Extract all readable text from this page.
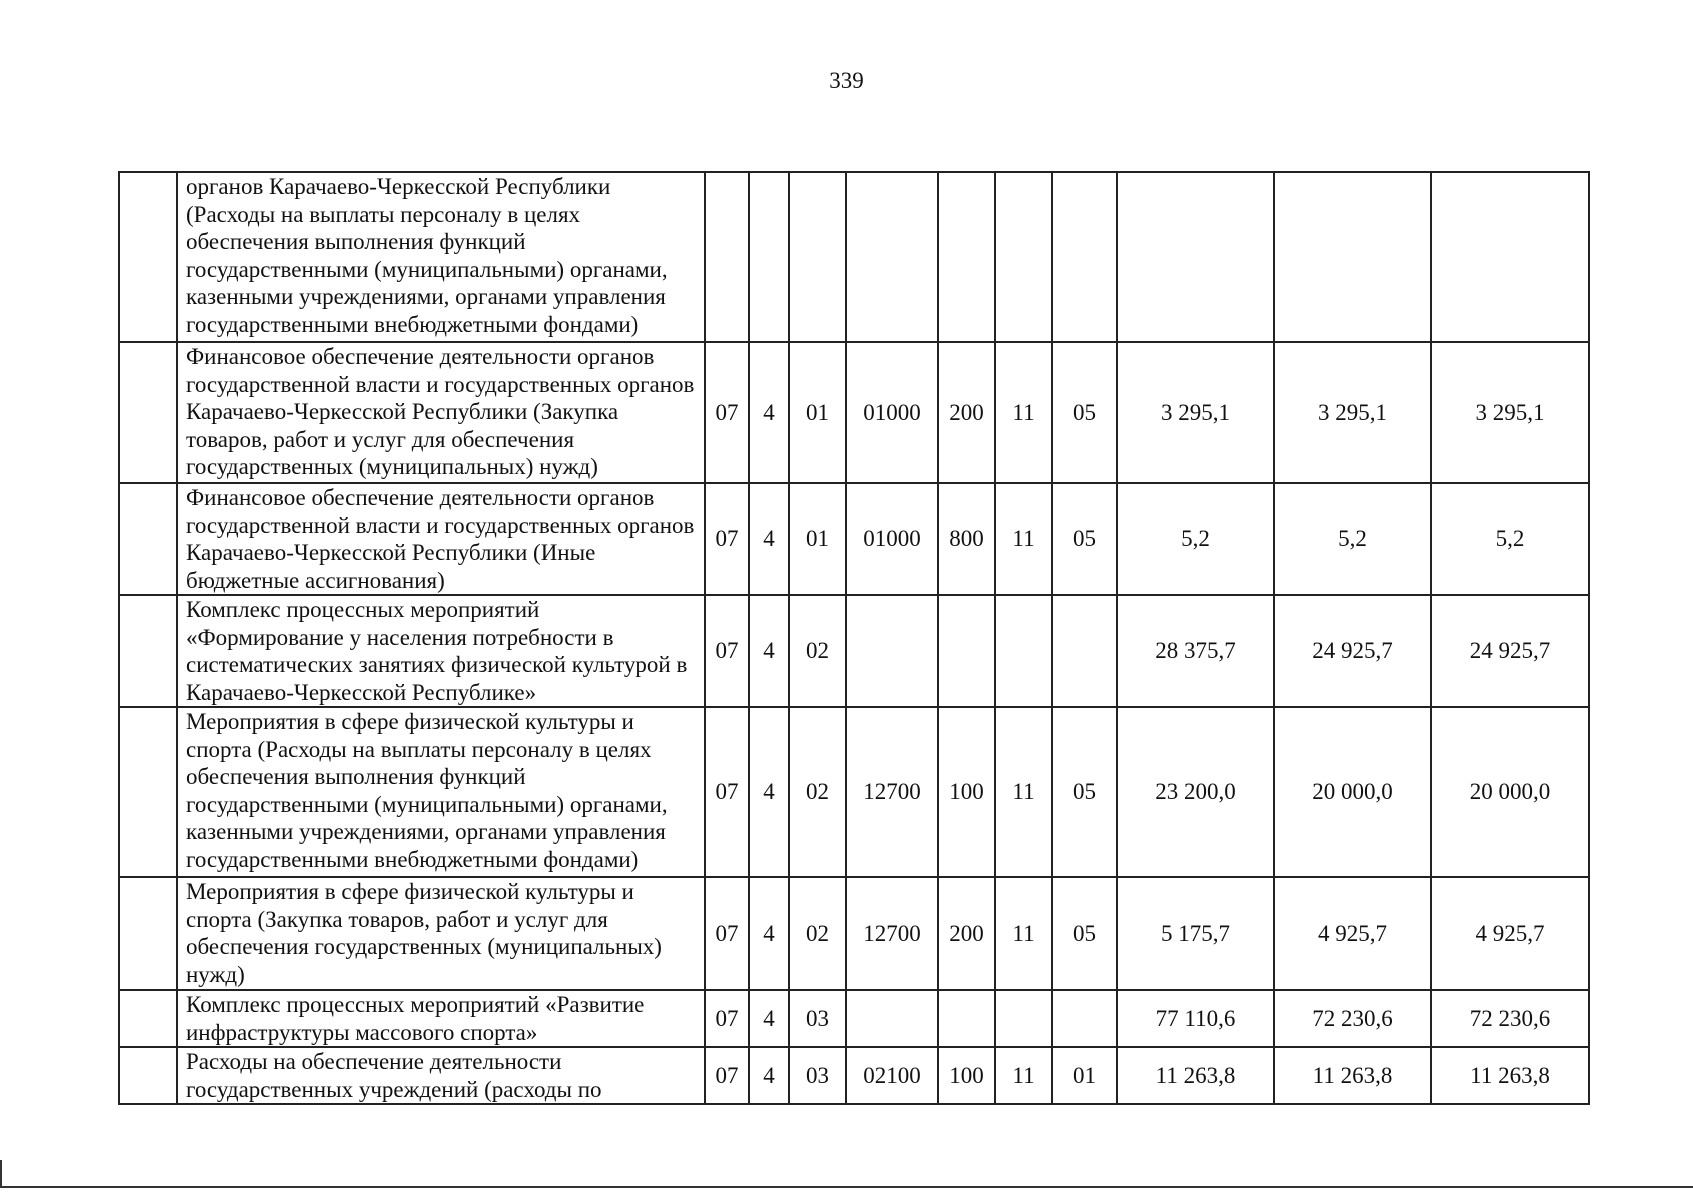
339
	органов Карачаево-Черкесской Республики (Расходы на выплаты персоналу в целях обеспечения выполнения функций государственными (муниципальными) органами, казенными учреждениями, органами управления государственными внебюджетными фондами)										
	Финансовое обеспечение деятельности органов государственной власти и государственных органов Карачаево-Черкесской Республики (Закупка товаров, работ и услуг для обеспечения государственных (муниципальных) нужд)	07	4	01	01000	200	11	05	3 295,1	3 295,1	3 295,1
	Финансовое обеспечение деятельности органов государственной власти и государственных органов Карачаево-Черкесской Республики (Иные бюджетные ассигнования)	07	4	01	01000	800	11	05	5,2	5,2	5,2
	Комплекс процессных мероприятий «Формирование у населения потребности в систематических занятиях физической культурой в Карачаево-Черкесской Республике»	07	4	02					28 375,7	24 925,7	24 925,7
	Мероприятия в сфере физической культуры и спорта (Расходы на выплаты персоналу в целях обеспечения выполнения функций государственными (муниципальными) органами, казенными учреждениями, органами управления государственными внебюджетными фондами)	07	4	02	12700	100	11	05	23 200,0	20 000,0	20 000,0
	Мероприятия в сфере физической культуры и спорта (Закупка товаров, работ и услуг для обеспечения государственных (муниципальных) нужд)	07	4	02	12700	200	11	05	5 175,7	4 925,7	4 925,7
	Комплекс процессных мероприятий «Развитие инфраструктуры массового спорта»	07	4	03					77 110,6	72 230,6	72 230,6
	Расходы на обеспечение деятельности государственных учреждений (расходы по	07	4	03	02100	100	11	01	11 263,8	11 263,8	11 263,8
